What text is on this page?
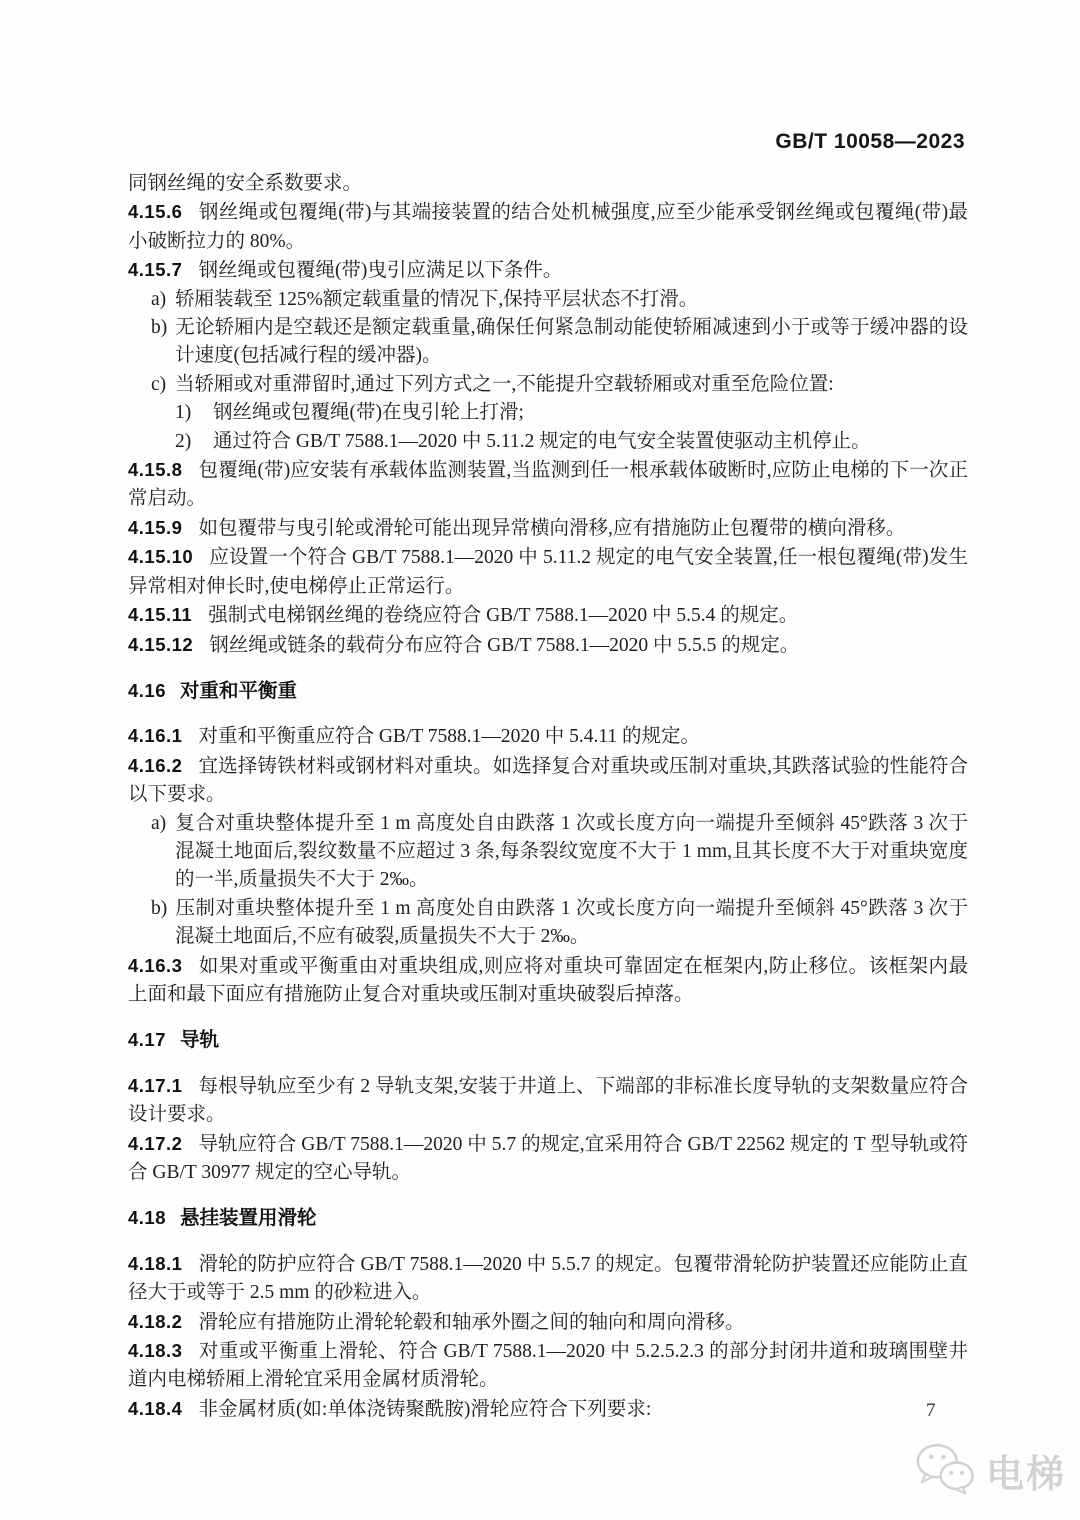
GB/T 10058—2023

同钢丝绳的安全系数要求。

4.15.6 钢丝绳或包覆绳(带)与其端接装置的结合处机械强度,应至少能承受钢丝绳或包覆绳(带)最小破断拉力的 80%。

4.15.7 钢丝绳或包覆绳(带)曳引应满足以下条件。

a) 轿厢装载至 125%额定载重量的情况下,保持平层状态不打滑。

b) 无论轿厢内是空载还是额定载重量,确保任何紧急制动能使轿厢减速到小于或等于缓冲器的设计速度(包括减行程的缓冲器)。

c) 当轿厢或对重滞留时,通过下列方式之一,不能提升空载轿厢或对重至危险位置:

1) 钢丝绳或包覆绳(带)在曳引轮上打滑;

2) 通过符合 GB/T 7588.1—2020 中 5.11.2 规定的电气安全装置使驱动主机停止。

4.15.8 包覆绳(带)应安装有承载体监测装置,当监测到任一根承载体破断时,应防止电梯的下一次正常启动。

4.15.9 如包覆带与曳引轮或滑轮可能出现异常横向滑移,应有措施防止包覆带的横向滑移。

4.15.10 应设置一个符合 GB/T 7588.1—2020 中 5.11.2 规定的电气安全装置,任一根包覆绳(带)发生异常相对伸长时,使电梯停止正常运行。

4.15.11 强制式电梯钢丝绳的卷绕应符合 GB/T 7588.1—2020 中 5.5.4 的规定。

4.15.12 钢丝绳或链条的载荷分布应符合 GB/T 7588.1—2020 中 5.5.5 的规定。

4.16 对重和平衡重

4.16.1 对重和平衡重应符合 GB/T 7588.1—2020 中 5.4.11 的规定。

4.16.2 宜选择铸铁材料或钢材料对重块。如选择复合对重块或压制对重块,其跌落试验的性能符合以下要求。

a) 复合对重块整体提升至 1 m 高度处自由跌落 1 次或长度方向一端提升至倾斜 45°跌落 3 次于混凝土地面后,裂纹数量不应超过 3 条,每条裂纹宽度不大于 1 mm,且其长度不大于对重块宽度的一半,质量损失不大于 2‰。

b) 压制对重块整体提升至 1 m 高度处自由跌落 1 次或长度方向一端提升至倾斜 45°跌落 3 次于混凝土地面后,不应有破裂,质量损失不大于 2‰。

4.16.3 如果对重或平衡重由对重块组成,则应将对重块可靠固定在框架内,防止移位。该框架内最上面和最下面应有措施防止复合对重块或压制对重块破裂后掉落。

4.17 导轨

4.17.1 每根导轨应至少有 2 导轨支架,安装于井道上、下端部的非标准长度导轨的支架数量应符合设计要求。

4.17.2 导轨应符合 GB/T 7588.1—2020 中 5.7 的规定,宜采用符合 GB/T 22562 规定的 T 型导轨或符合 GB/T 30977 规定的空心导轨。

4.18 悬挂装置用滑轮

4.18.1 滑轮的防护应符合 GB/T 7588.1—2020 中 5.5.7 的规定。包覆带滑轮防护装置还应能防止直径大于或等于 2.5 mm 的砂粒进入。

4.18.2 滑轮应有措施防止滑轮轮毂和轴承外圈之间的轴向和周向滑移。

4.18.3 对重或平衡重上滑轮、符合 GB/T 7588.1—2020 中 5.2.5.2.3 的部分封闭井道和玻璃围壁井道内电梯轿厢上滑轮宜采用金属材质滑轮。

4.18.4 非金属材质(如:单体浇铸聚酰胺)滑轮应符合下列要求:	7
电梯
